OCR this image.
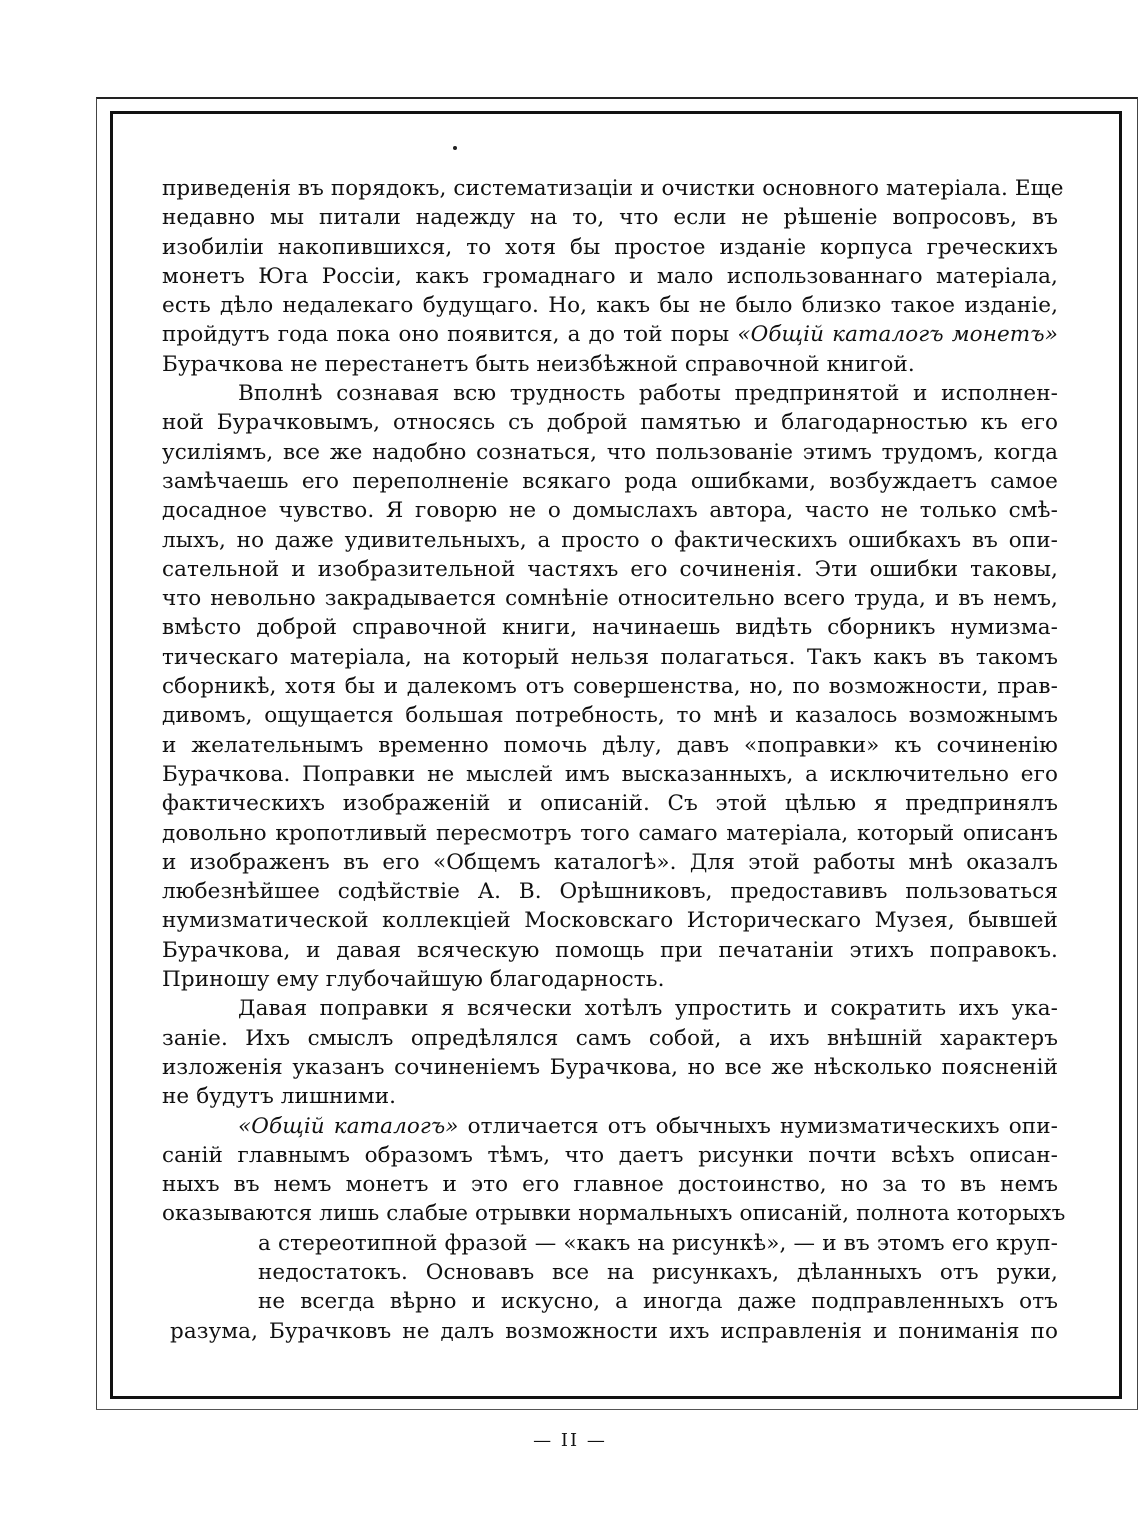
приведенія въ порядокъ, систематизаціи и очистки основного матеріала. Еще
недавно мы питали надежду на то, что если не рѣшеніе вопросовъ, въ
изобиліи накопившихся, то хотя бы простое изданіе корпуса греческихъ
монетъ Юга Россіи, какъ громаднаго и мало использованнаго матеріала,
есть дѣло недалекаго будущаго. Но, какъ бы не было близко такое изданіе,
пройдутъ года пока оно появится, а до той поры «Общій каталогъ монетъ»
Бурачкова не перестанетъ быть неизбѣжной справочной книгой.

Вполнѣ сознавая всю трудность работы предпринятой и исполнен-
ной Бурачковымъ, относясь съ доброй памятью и благодарностью къ его
усиліямъ, все же надобно сознаться, что пользованіе этимъ трудомъ, когда
замѣчаешь его переполненіе всякаго рода ошибками, возбуждаетъ самое
досадное чувство. Я говорю не о домыслахъ автора, часто не только смѣ-
лыхъ, но даже удивительныхъ, а просто о фактическихъ ошибкахъ въ опи-
сательной и изобразительной частяхъ его сочиненія. Эти ошибки таковы,
что невольно закрадывается сомнѣніе относительно всего труда, и въ немъ,
вмѣсто доброй справочной книги, начинаешь видѣть сборникъ нумизма-
тическаго матеріала, на который нельзя полагаться. Такъ какъ въ такомъ
сборникѣ, хотя бы и далекомъ отъ совершенства, но, по возможности, прав-
дивомъ, ощущается большая потребность, то мнѣ и казалось возможнымъ
и желательнымъ временно помочь дѣлу, давъ «поправки» къ сочиненію
Бурачкова. Поправки не мыслей имъ высказанныхъ, а исключительно его
фактическихъ изображеній и описаній. Съ этой цѣлью я предпринялъ
довольно кропотливый пересмотръ того самаго матеріала, который описанъ
и изображенъ въ его «Общемъ каталогѣ». Для этой работы мнѣ оказалъ
любезнѣйшее содѣйствіе А. В. Орѣшниковъ, предоставивъ пользоваться
нумизматической коллекціей Московскаго Историческаго Музея, бывшей
Бурачкова, и давая всяческую помощь при печатаніи этихъ поправокъ.
Приношу ему глубочайшую благодарность.

Давая поправки я всячески хотѣлъ упростить и сократить ихъ ука-
заніе. Ихъ смыслъ опредѣлялся самъ собой, а ихъ внѣшній характеръ
изложенія указанъ сочиненіемъ Бурачкова, но все же нѣсколько поясненій
не будутъ лишними.

«Общій каталогъ» отличается отъ обычныхъ нумизматическихъ опи-
саній главнымъ образомъ тѣмъ, что даетъ рисунки почти всѣхъ описан-
ныхъ въ немъ монетъ и это его главное достоинство, но за то въ немъ
оказываются лишь слабые отрывки нормальныхъ описаній, полнота которыхъ
а стереотипной фразой — «какъ на рисункѣ», — и въ этомъ его круп-
недостатокъ. Основавъ все на рисункахъ, дѣланныхъ отъ руки,
не всегда вѣрно и искусно, а иногда даже подправленныхъ отъ
разума, Бурачковъ не далъ возможности ихъ исправленія и пониманія по

— II —
